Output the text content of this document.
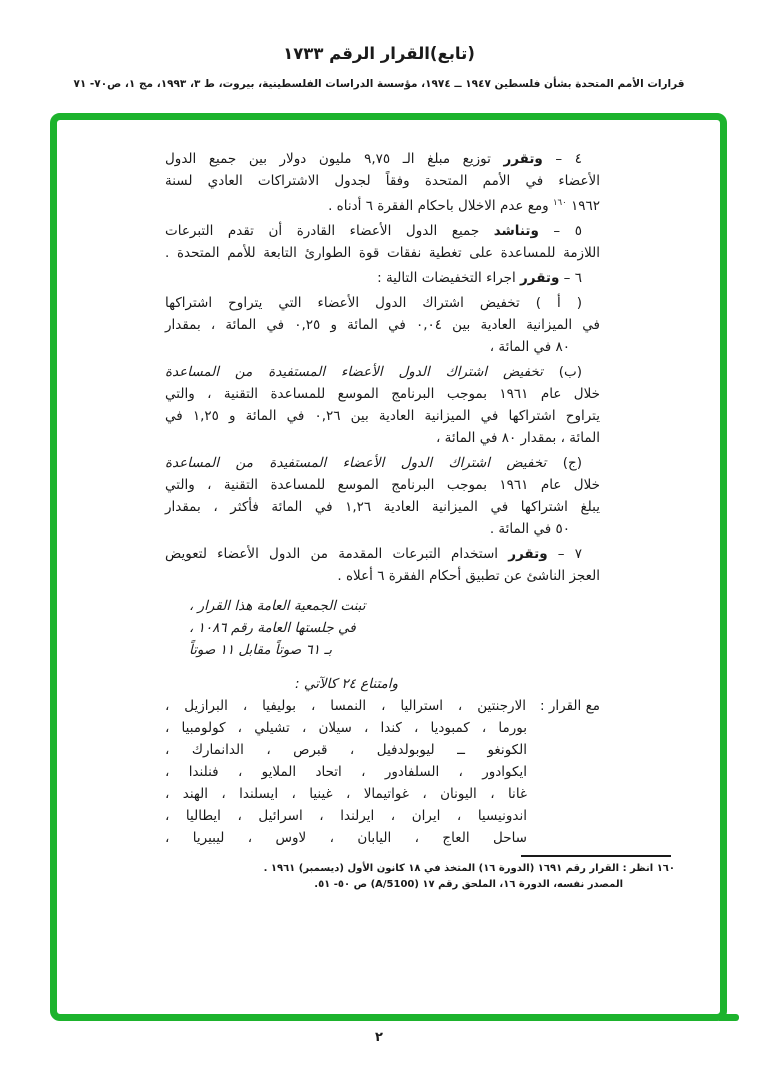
(تابع)القرار الرقم ١٧٣٣
قرارات الأمم المتحدة بشأن فلسطين ١٩٤٧ ــ ١٩٧٤، مؤسسة الدراسات الفلسطينية، بيروت، ط ٣، ١٩٩٣، مج ١، ص٧٠- ٧١
٤ – وتقرر توزيع مبلغ الـ ٩,٧٥ مليون دولار بين جميع الدول
الأعضاء في الأمم المتحدة وفقاً لجدول الاشتراكات العادي لسنة
١٩٦٢ $^{١٦٠}$ ومع عدم الاخلال باحكام الفقرة ٦ أدناه .
٥ – وتناشد جميع الدول الأعضاء القادرة أن تقدم التبرعات
اللازمة للمساعدة على تغطية نفقات قوة الطوارئ التابعة للأمم المتحدة .
٦ – وتقرر اجراء التخفيضات التالية :
( أ ) تخفيض اشتراك الدول الأعضاء التي يتراوح اشتراكها
في الميزانية العادية بين ٠,٠٤ في المائة و ٠,٢٥ في المائة ، بمقدار
٨٠ في المائة ،
(ب) تخفيض اشتراك الدول الأعضاء المستفيدة من المساعدة
خلال عام ١٩٦١ بموجب البرنامج الموسع للمساعدة التقنية ، والتي
يتراوح اشتراكها في الميزانية العادية بين ٠,٢٦ في المائة و ١,٢٥ في
المائة ، بمقدار ٨٠ في المائة ،
(ج) تخفيض اشتراك الدول الأعضاء المستفيدة من المساعدة
خلال عام ١٩٦١ بموجب البرنامج الموسع للمساعدة التقنية ، والتي
يبلغ اشتراكها في الميزانية العادية ١,٢٦ في المائة فأكثر ، بمقدار
٥٠ في المائة .
٧ – وتقرر استخدام التبرعات المقدمة من الدول الأعضاء لتعويض
العجز الناشئ عن تطبيق أحكام الفقرة ٦ أعلاه .
تبنت الجمعية العامة هذا القرار ،
في جلستها العامة رقم ١٠٨٦ ،
بـ ٦١ صوتاً مقابل ١١ صوتاً
وامتناع ٢٤ كالآتي :
مع القرار :
الارجنتين ، استراليا ، النمسا ، بوليفيا ، البرازيل ،
بورما ، كمبوديا ، كندا ، سيلان ، تشيلي ، كولومبيا ،
الكونغو ــ ليوبولدفيل ، قبرص ، الدانمارك ،
ايكوادور ، السلفادور ، اتحاد الملايو ، فنلندا ،
غانا ، اليونان ، غواتيمالا ، غينيا ، ايسلندا ، الهند ،
اندونيسيا ، ايران ، ايرلندا ، اسرائيل ، ايطاليا ،
ساحل العاج ، اليابان ، لاوس ، ليبيريا ،
١٦٠ انظر : القرار رقم ١٦٩١ (الدورة ١٦) المتخذ في ١٨ كانون الأول (ديسمبر) ١٩٦١ .
المصدر نفسه، الدورة ١٦، الملحق رقم ١٧ ‪(A/5100)‬ ص ٥٠- ٥١.
٢
